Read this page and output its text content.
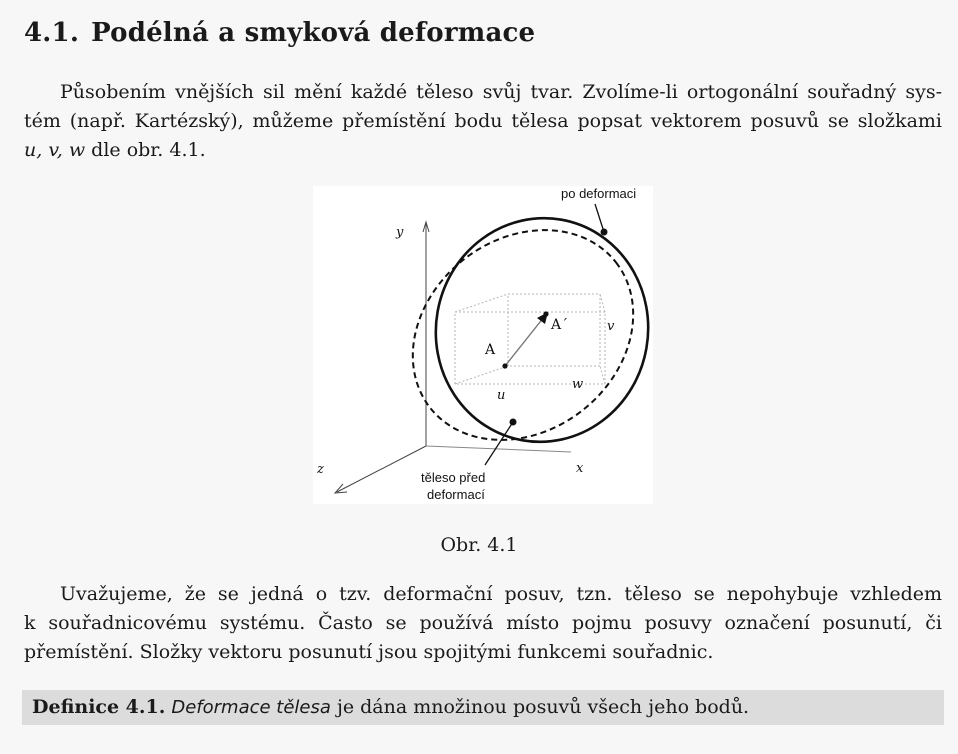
4.1. Podélná a smyková deformace
Působením vnějších sil mění každé těleso svůj tvar. Zvolíme-li ortogonální souřadný sys-
tém (např. Kartézský), můžeme přemístění bodu tělesa popsat vektorem posuvů se složkami
u, v, w dle obr. 4.1.
po deformaci
těleso před
deformací
y
x
z
A
A´
u
v
w

Obr. 4.1

Uvažujeme, že se jedná o tzv. deformační posuv, tzn. těleso se nepohybuje vzhledem
k souřadnicovému systému. Často se používá místo pojmu posuvy označení posunutí, či
přemístění. Složky vektoru posunutí jsou spojitými funkcemi souřadnic.
Definice 4.1. Deformace tělesa je dána množinou posuvů všech jeho bodů.
